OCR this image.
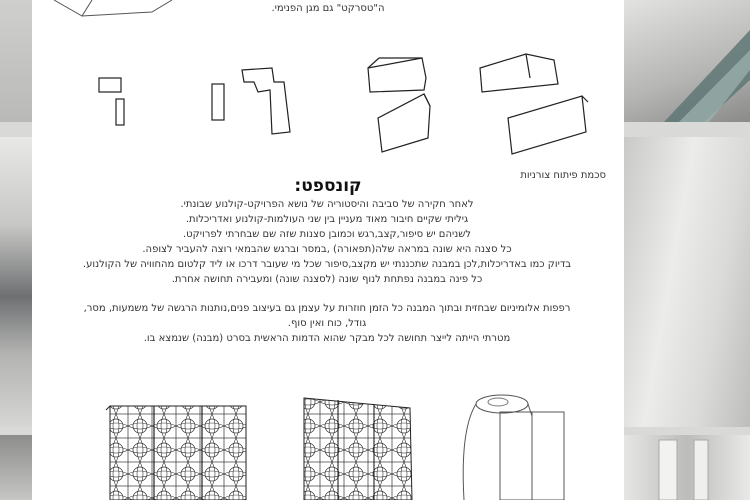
ה"טסרקט" גם מגן הפנימי.
סכמת פיתוח צורניות
קונספט:
לאחר חקירה של סביבה והיסטוריה של נושא הפרויקט-קולנוע שבונתי.
גיליתי שקיים חיבור מאוד מעניין בין שני העולמות-קולנוע ואדריכלות.
לשניהם יש סיפור,קצב,רגש וכמובן סצנות שזה שם שבחרתי לפרויקט.
כל סצנה היא שונה במראה שלה(תפאורה) ,במסר וברגש שהבמאי רוצה להעביר לצופה.
בדיוק כמו באדריכלות,לכן במבנה שתכננתי יש מקצב,סיפור שכל מי שעובר דרכו או ליד קלטום מהחוויה של הקולנוע.
כל פינה במבנה נפתחת לנוף שונה (לסצנה שונה) ומעבירה תחושה אחרת.
רפפות אלומיניום שבחזית ובתוך המבנה כל הזמן חוזרות על עצמן גם בעיצוב פנים,נותנות הרגשה של משמעות, מסר,
גודל, כוח ואין סוף.
מטרתי הייתה לייצר תחושה לכל מבקר שהוא הדמות הראשית בסרט (מבנה) שנמצא בו.
